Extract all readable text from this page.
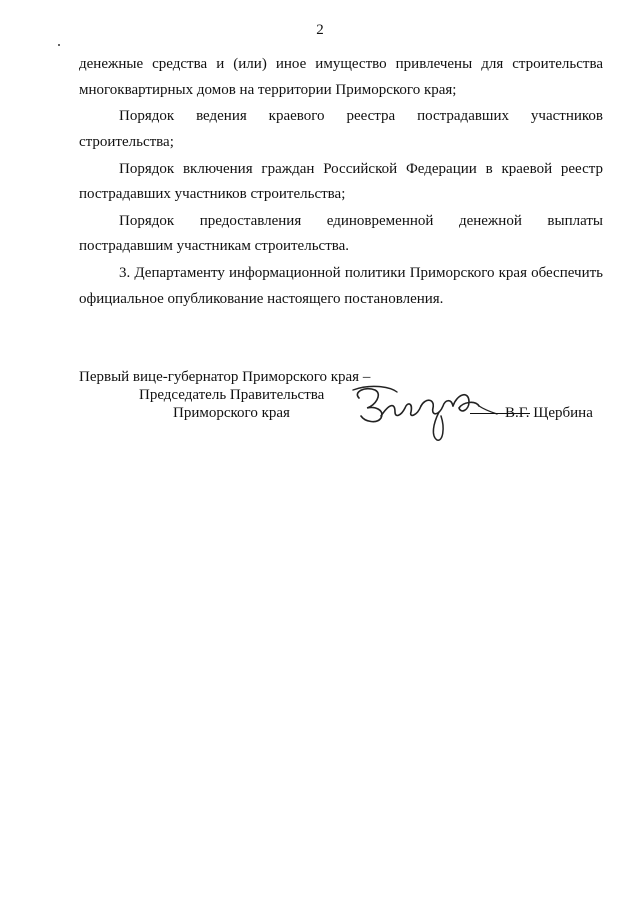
2
денежные средства и (или) иное имущество привлечены для строительства
многоквартирных домов на территории Приморского края;
Порядок ведения краевого реестра пострадавших участников
строительства;
Порядок включения граждан Российской Федерации в краевой реестр
пострадавших участников строительства;
Порядок предоставления единовременной денежной выплаты
пострадавшим участникам строительства.
3. Департаменту информационной политики Приморского края обеспечить
официальное опубликование настоящего постановления.
Первый вице-губернатор Приморского края –
Председатель Правительства
Приморского края	В.Г. Щербина
